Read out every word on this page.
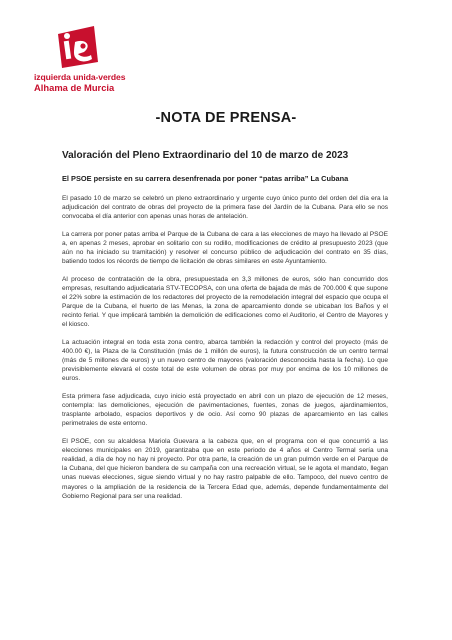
izquierda unida-verdes
Alhama de Murcia
-NOTA DE PRENSA-
Valoración del Pleno Extraordinario del 10 de marzo de 2023
El PSOE persiste en su carrera desenfrenada por poner “patas arriba” La Cubana

El pasado 10 de marzo se celebró un pleno extraordinario y urgente cuyo único punto del orden del día era la adjudicación del contrato de obras del proyecto de la primera fase del Jardín de la Cubana. Para ello se nos convocaba el día anterior con apenas unas horas de antelación.

La carrera por poner patas arriba el Parque de la Cubana de cara a las elecciones de mayo ha llevado al PSOE a, en apenas 2 meses, aprobar en solitario con su rodillo, modificaciones de crédito al presupuesto 2023 (que aún no ha iniciado su tramitación) y resolver el concurso público de adjudicación del contrato en 35 días, batiendo todos los récords de tiempo de licitación de obras similares en este Ayuntamiento.

Al proceso de contratación de la obra, presupuestada en 3,3 millones de euros, sólo han concurrido dos empresas, resultando adjudicataria STV-TECOPSA, con una oferta de bajada de más de 700.000 € que supone el 22% sobre la estimación de los redactores del proyecto de la remodelación integral del espacio que ocupa el Parque de la Cubana, el huerto de las Menas, la zona de aparcamiento donde se ubicaban los Baños y el recinto ferial. Y que implicará también la demolición de edificaciones como el Auditorio, el Centro de Mayores y el kiosco.

La actuación integral en toda esta zona centro, abarca también la redacción y control del proyecto (más de 400.00 €), la Plaza de la Constitución (más de 1 millón de euros), la futura construcción de un centro termal (más de 5 millones de euros) y un nuevo centro de mayores (valoración desconocida hasta la fecha). Lo que previsiblemente elevará el coste total de este volumen de obras por muy por encima de los 10 millones de euros.

Esta primera fase adjudicada, cuyo inicio está proyectado en abril con un plazo de ejecución de 12 meses, contempla: las demoliciones, ejecución de pavimentaciones, fuentes, zonas de juegos, ajardinamientos, trasplante arbolado, espacios deportivos y de ocio. Así como 90 plazas de aparcamiento en las calles perimetrales de este entorno.

El PSOE, con su alcaldesa Mariola Guevara a la cabeza que, en el programa con el que concurrió a las elecciones municipales en 2019, garantizaba que en este periodo de 4 años el Centro Termal sería una realidad, a día de hoy no hay ni proyecto. Por otra parte, la creación de un gran pulmón verde en el Parque de la Cubana, del que hicieron bandera de su campaña con una recreación virtual, se le agota el mandato, llegan unas nuevas elecciones, sigue siendo virtual y no hay rastro palpable de ello. Tampoco, del nuevo centro de mayores o la ampliación de la residencia de la Tercera Edad que, además, depende fundamentalmente del Gobierno Regional para ser una realidad.
